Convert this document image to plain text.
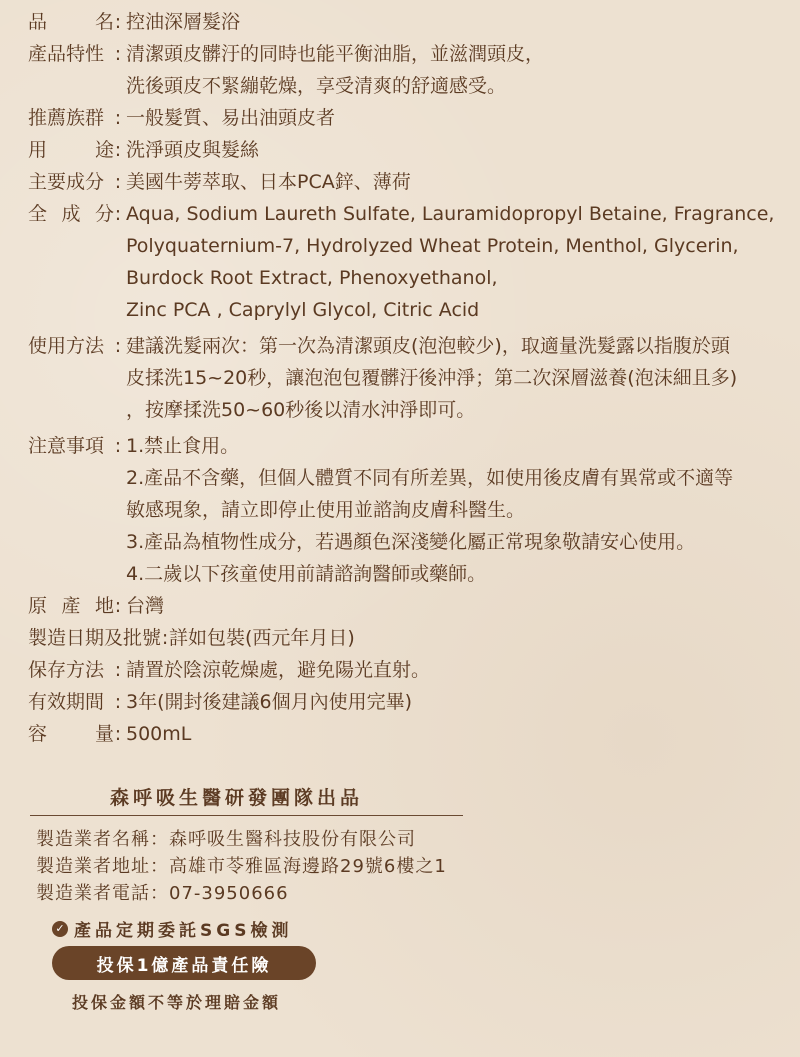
品	名 : 控油深層髮浴
產品特性 : 清潔頭皮髒汙的同時也能平衡油脂，並滋潤頭皮，
洗後頭皮不緊繃乾燥，享受清爽的舒適感受。
推薦族群 : 一般髮質、易出油頭皮者
用	途 : 洗淨頭皮與髮絲
主要成分 : 美國牛蒡萃取、日本PCA鋅、薄荷
全 成 分 : Aqua, Sodium Laureth Sulfate, Lauramidopropyl Betaine, Fragrance,
Polyquaternium-7, Hydrolyzed Wheat Protein, Menthol, Glycerin,
Burdock Root Extract, Phenoxyethanol,
Zinc PCA , Caprylyl Glycol, Citric Acid
使用方法 : 建議洗髮兩次：第一次為清潔頭皮(泡泡較少)，取適量洗髮露以指腹於頭
皮揉洗15~20秒，讓泡泡包覆髒汙後沖淨；第二次深層滋養(泡沫細且多)
，按摩揉洗50~60秒後以清水沖淨即可。
注意事項 : 1.禁止食用。
2.產品不含藥，但個人體質不同有所差異，如使用後皮膚有異常或不適等
敏感現象，請立即停止使用並諮詢皮膚科醫生。
3.產品為植物性成分，若遇顏色深淺變化屬正常現象敬請安心使用。
4.二歲以下孩童使用前請諮詢醫師或藥師。
原 產 地 : 台灣
製造日期及批號 : 詳如包裝(西元年月日)
保存方法 : 請置於陰涼乾燥處，避免陽光直射。
有效期間 : 3年(開封後建議6個月內使用完畢)
容	量 : 500mL
森呼吸生醫研發團隊出品
製造業者名稱：森呼吸生醫科技股份有限公司
製造業者地址：高雄市苓雅區海邊路29號6樓之1
製造業者電話：07-3950666
✓ 產品定期委託SGS檢測
投保1億產品責任險
投保金額不等於理賠金額
